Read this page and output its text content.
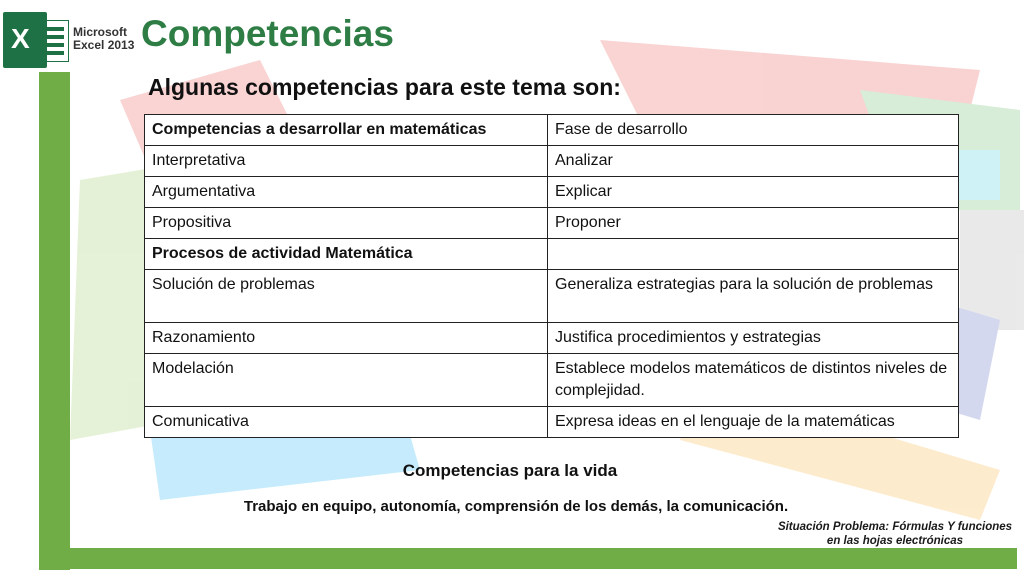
X	Microsoft
Excel 2013 Competencias
Algunas competencias para este tema son:
Competencias a desarrollar en matemáticas	Fase de desarrollo
Interpretativa	Analizar
Argumentativa	Explicar
Propositiva	Proponer
Procesos de actividad Matemática	
Solución de problemas	Generaliza estrategias para la solución de problemas
Razonamiento	Justifica procedimientos y estrategias
Modelación	Establece modelos matemáticos de distintos niveles de complejidad.
Comunicativa	Expresa ideas en el lenguaje de la matemáticas
Competencias para la vida

Trabajo en equipo, autonomía, comprensión de los demás, la comunicación.

Situación Problema: Fórmulas Y funciones
en las hojas electrónicas
